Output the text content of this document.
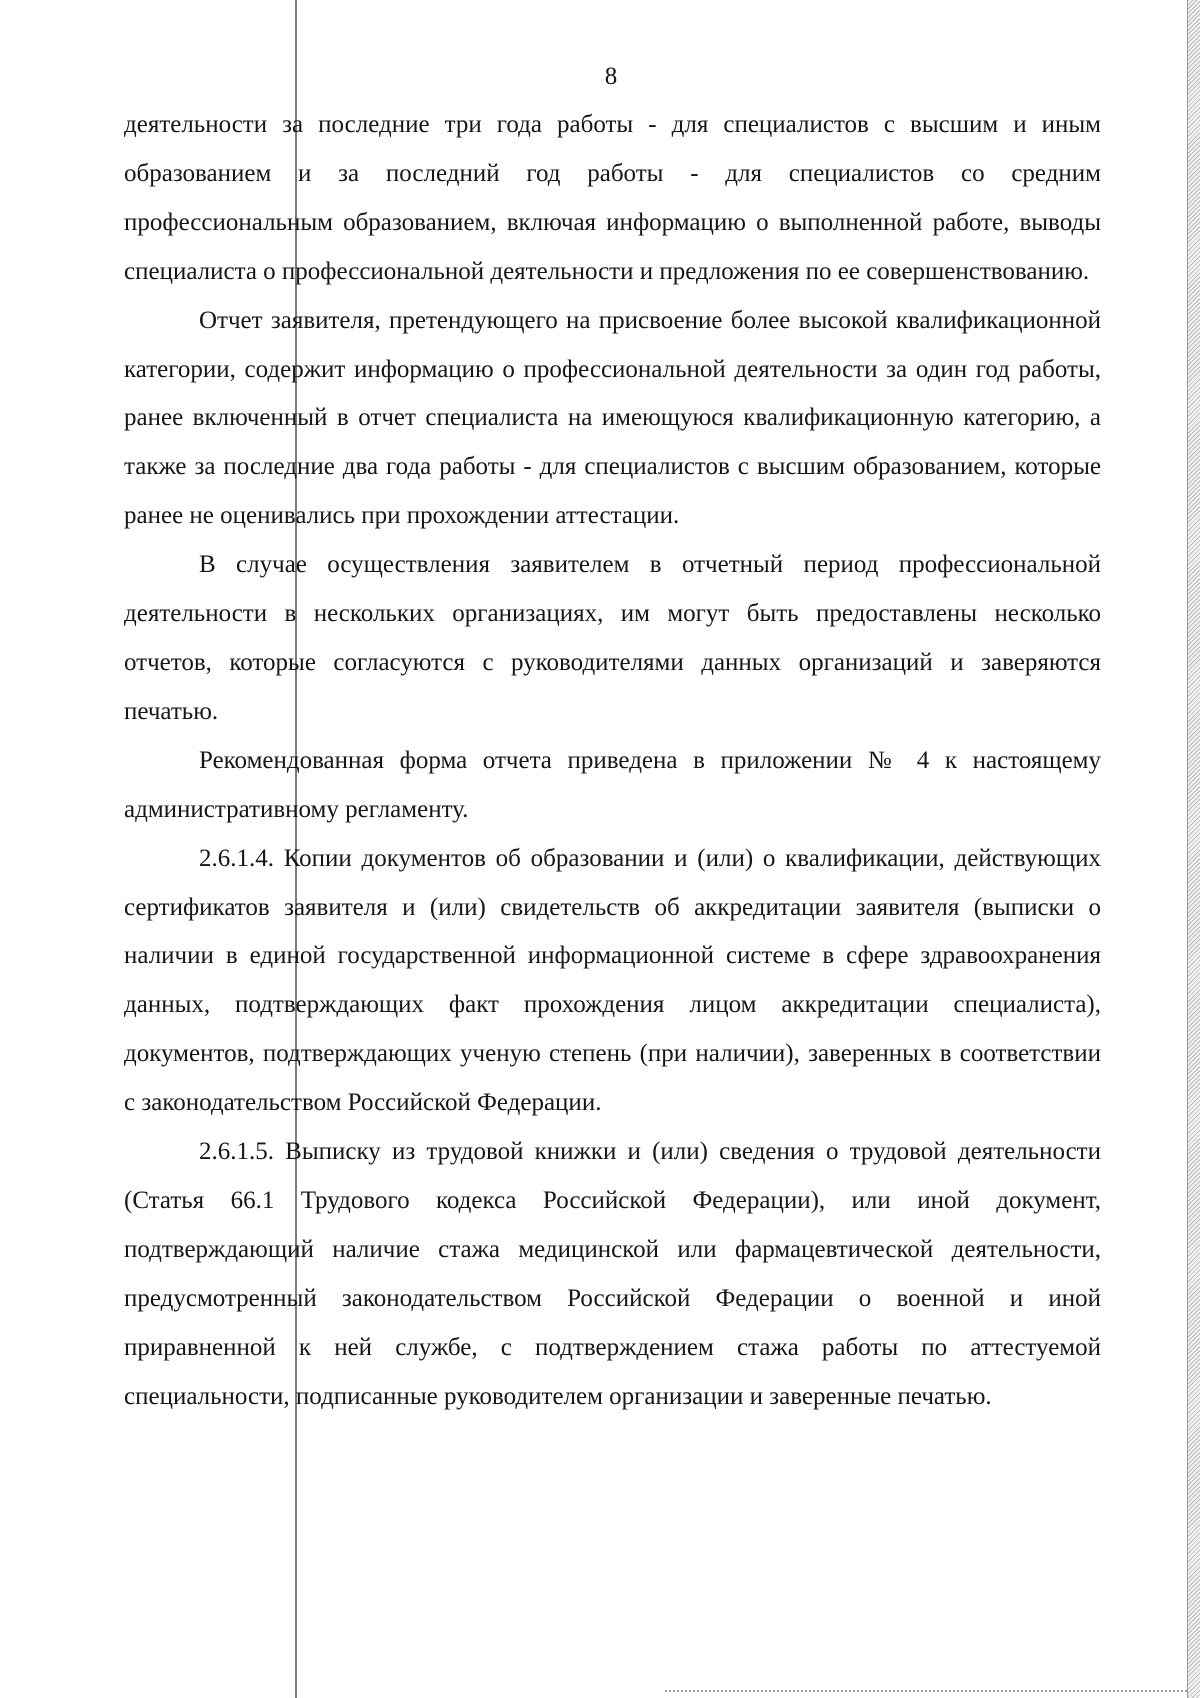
8

деятельности за последние три года работы - для специалистов с высшим и иным образованием и за последний год работы - для специалистов со средним профессиональным образованием, включая информацию о выполненной работе, выводы специалиста о профессиональной деятельности и предложения по ее совершенствованию.

Отчет заявителя, претендующего на присвоение более высокой квалификационной категории, содержит информацию о профессиональной деятельности за один год работы, ранее включенный в отчет специалиста на имеющуюся квалификационную категорию, а также за последние два года работы - для специалистов с высшим образованием, которые ранее не оценивались при прохождении аттестации.

В случае осуществления заявителем в отчетный период профессиональной деятельности в нескольких организациях, им могут быть предоставлены несколько отчетов, которые согласуются с руководителями данных организаций и заверяются печатью.

Рекомендованная форма отчета приведена в приложении № 4 к настоящему административному регламенту.

2.6.1.4. Копии документов об образовании и (или) о квалификации, действующих сертификатов заявителя и (или) свидетельств об аккредитации заявителя (выписки о наличии в единой государственной информационной системе в сфере здравоохранения данных, подтверждающих факт прохождения лицом аккредитации специалиста), документов, подтверждающих ученую степень (при наличии), заверенных в соответствии с законодательством Российской Федерации.

2.6.1.5. Выписку из трудовой книжки и (или) сведения о трудовой деятельности (Статья 66.1 Трудового кодекса Российской Федерации), или иной документ, подтверждающий наличие стажа медицинской или фармацевтической деятельности, предусмотренный законодательством Российской Федерации о военной и иной приравненной к ней службе, с подтверждением стажа работы по аттестуемой специальности, подписанные руководителем организации и заверенные печатью.
